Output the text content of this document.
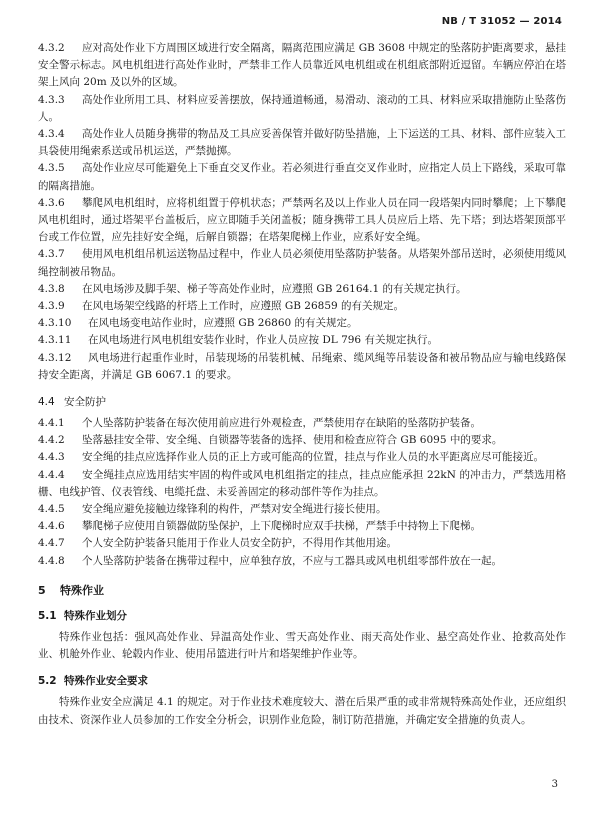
NB / T 31052 — 2014

4.3.2 应对高处作业下方周围区域进行安全隔离，隔离范围应满足 GB 3608 中规定的坠落防护距离要求，悬挂安全警示标志。风电机组进行高处作业时，严禁非工作人员靠近风电机组或在机组底部附近逗留。车辆应停泊在塔架上风向 20m 及以外的区域。

4.3.3 高处作业所用工具、材料应妥善摆放，保持通道畅通，易滑动、滚动的工具、材料应采取措施防止坠落伤人。

4.3.4 高处作业人员随身携带的物品及工具应妥善保管并做好防坠措施，上下运送的工具、材料、部件应装入工具袋使用绳索系送或吊机运送，严禁抛掷。

4.3.5 高处作业应尽可能避免上下垂直交叉作业。若必须进行垂直交叉作业时，应指定人员上下路线，采取可靠的隔离措施。

4.3.6 攀爬风电机组时，应将机组置于停机状态；严禁两名及以上作业人员在同一段塔架内同时攀爬；上下攀爬风电机组时，通过塔架平台盖板后，应立即随手关闭盖板；随身携带工具人员应后上塔、先下塔；到达塔架顶部平台或工作位置，应先挂好安全绳，后解自锁器；在塔架爬梯上作业，应系好安全绳。

4.3.7 使用风电机组吊机运送物品过程中，作业人员必须使用坠落防护装备。从塔架外部吊送时，必须使用缆风绳控制被吊物品。

4.3.8 在风电场涉及脚手架、梯子等高处作业时，应遵照 GB 26164.1 的有关规定执行。

4.3.9 在风电场架空线路的杆塔上工作时，应遵照 GB 26859 的有关规定。

4.3.10 在风电场变电站作业时，应遵照 GB 26860 的有关规定。

4.3.11 在风电场进行风电机组安装作业时，作业人员应按 DL 796 有关规定执行。

4.3.12 风电场进行起重作业时，吊装现场的吊装机械、吊绳索、缆风绳等吊装设备和被吊物品应与输电线路保持安全距离，并满足 GB 6067.1 的要求。

4.4 安全防护

4.4.1 个人坠落防护装备在每次使用前应进行外观检查，严禁使用存在缺陷的坠落防护装备。

4.4.2 坠落悬挂安全带、安全绳、自锁器等装备的选择、使用和检查应符合 GB 6095 中的要求。

4.4.3 安全绳的挂点应选择作业人员的正上方或可能高的位置，挂点与作业人员的水平距离应尽可能接近。

4.4.4 安全绳挂点应选用结实牢固的构件或风电机组指定的挂点，挂点应能承担 22kN 的冲击力，严禁选用格栅、电线护管、仪表管线、电缆托盘、未妥善固定的移动部件等作为挂点。

4.4.5 安全绳应避免接触边缘锋利的构件，严禁对安全绳进行接长使用。

4.4.6 攀爬梯子应使用自锁器做防坠保护，上下爬梯时应双手扶梯，严禁手中持物上下爬梯。

4.4.7 个人安全防护装备只能用于作业人员安全防护，不得用作其他用途。

4.4.8 个人坠落防护装备在携带过程中，应单独存放，不应与工器具或风电机组零部件放在一起。

5 特殊作业
5.1 特殊作业划分

特殊作业包括：强风高处作业、异温高处作业、雪天高处作业、雨天高处作业、悬空高处作业、抢救高处作业、机舱外作业、轮毂内作业、使用吊篮进行叶片和塔架维护作业等。

5.2 特殊作业安全要求

特殊作业安全应满足 4.1 的规定。对于作业技术难度较大、潜在后果严重的或非常规特殊高处作业，还应组织由技术、资深作业人员参加的工作安全分析会，识别作业危险，制订防范措施，并确定安全措施的负责人。

3
